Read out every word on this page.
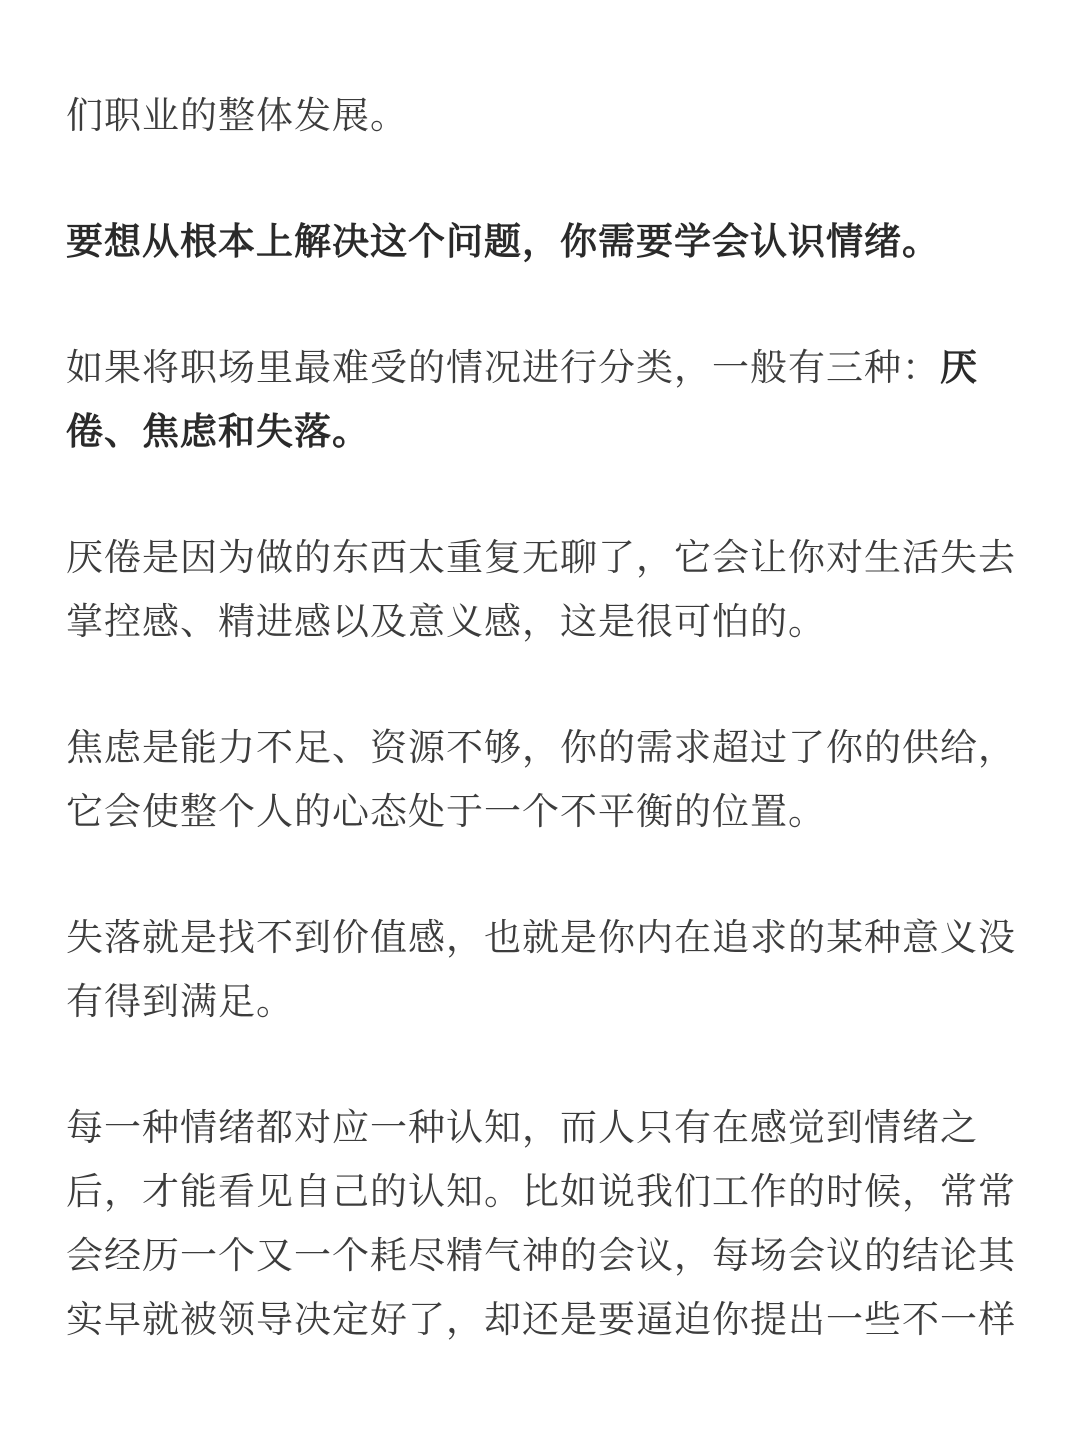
们职业的整体发展。

要想从根本上解决这个问题，你需要学会认识情绪。

如果将职场里最难受的情况进行分类，一般有三种：厌
倦、焦虑和失落。

厌倦是因为做的东西太重复无聊了，它会让你对生活失去
掌控感、精进感以及意义感，这是很可怕的。

焦虑是能力不足、资源不够，你的需求超过了你的供给，
它会使整个人的心态处于一个不平衡的位置。

失落就是找不到价值感，也就是你内在追求的某种意义没
有得到满足。

每一种情绪都对应一种认知，而人只有在感觉到情绪之
后，才能看见自己的认知。比如说我们工作的时候，常常
会经历一个又一个耗尽精气神的会议，每场会议的结论其
实早就被领导决定好了，却还是要逼迫你提出一些不一样
